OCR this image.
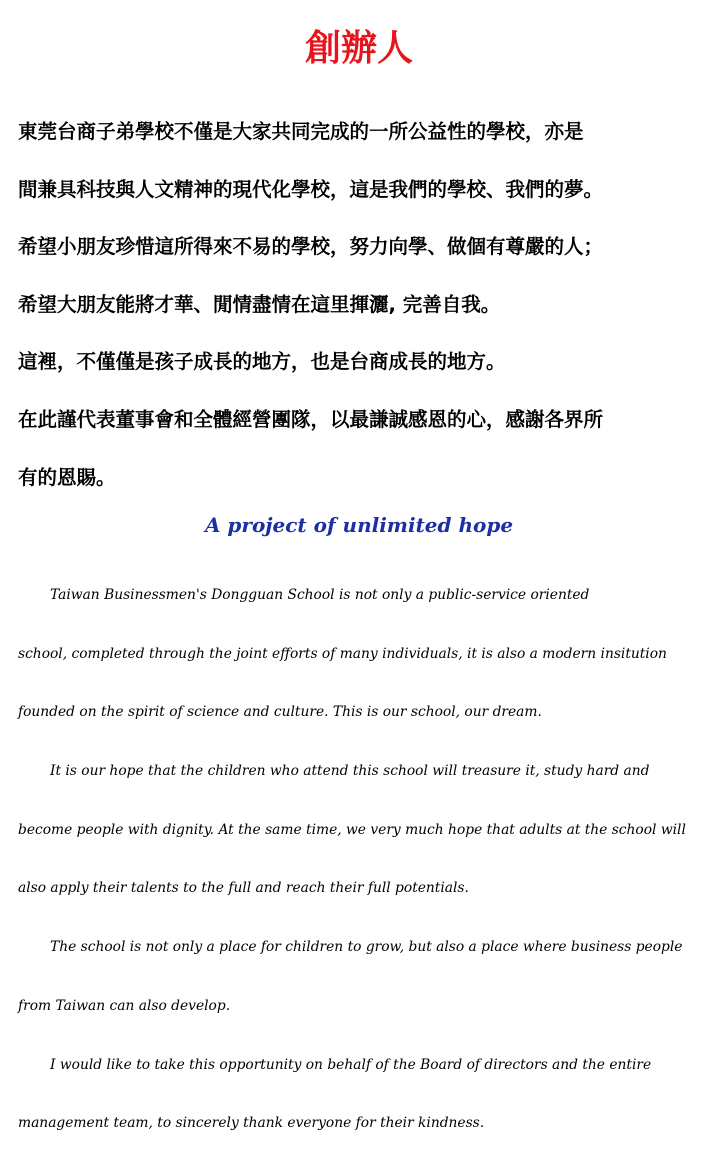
創辦人

東莞台商子弟學校不僅是大家共同完成的一所公益性的學校，亦是

間兼具科技與人文精神的現代化學校，這是我們的學校、我們的夢。

希望小朋友珍惜這所得來不易的學校，努力向學、做個有尊嚴的人；

希望大朋友能將才華、閒情盡情在這里揮灑, 完善自我。

這裡，不僅僅是孩子成長的地方，也是台商成長的地方。

在此謹代表董事會和全體經營團隊，以最謙誠感恩的心，感謝各界所

有的恩賜。

A project of unlimited hope

Taiwan Businessmen's Dongguan School is not only a public-service oriented

school, completed through the joint efforts of many individuals, it is also a modern insitution

founded on the spirit of science and culture. This is our school, our dream.

It is our hope that the children who attend this school will treasure it, study hard and

become people with dignity. At the same time, we very much hope that adults at the school will

also apply their talents to the full and reach their full potentials.

The school is not only a place for children to grow, but also a place where business people

from Taiwan can also develop.

I would like to take this opportunity on behalf of the Board of directors and the entire

management team, to sincerely thank everyone for their kindness.
